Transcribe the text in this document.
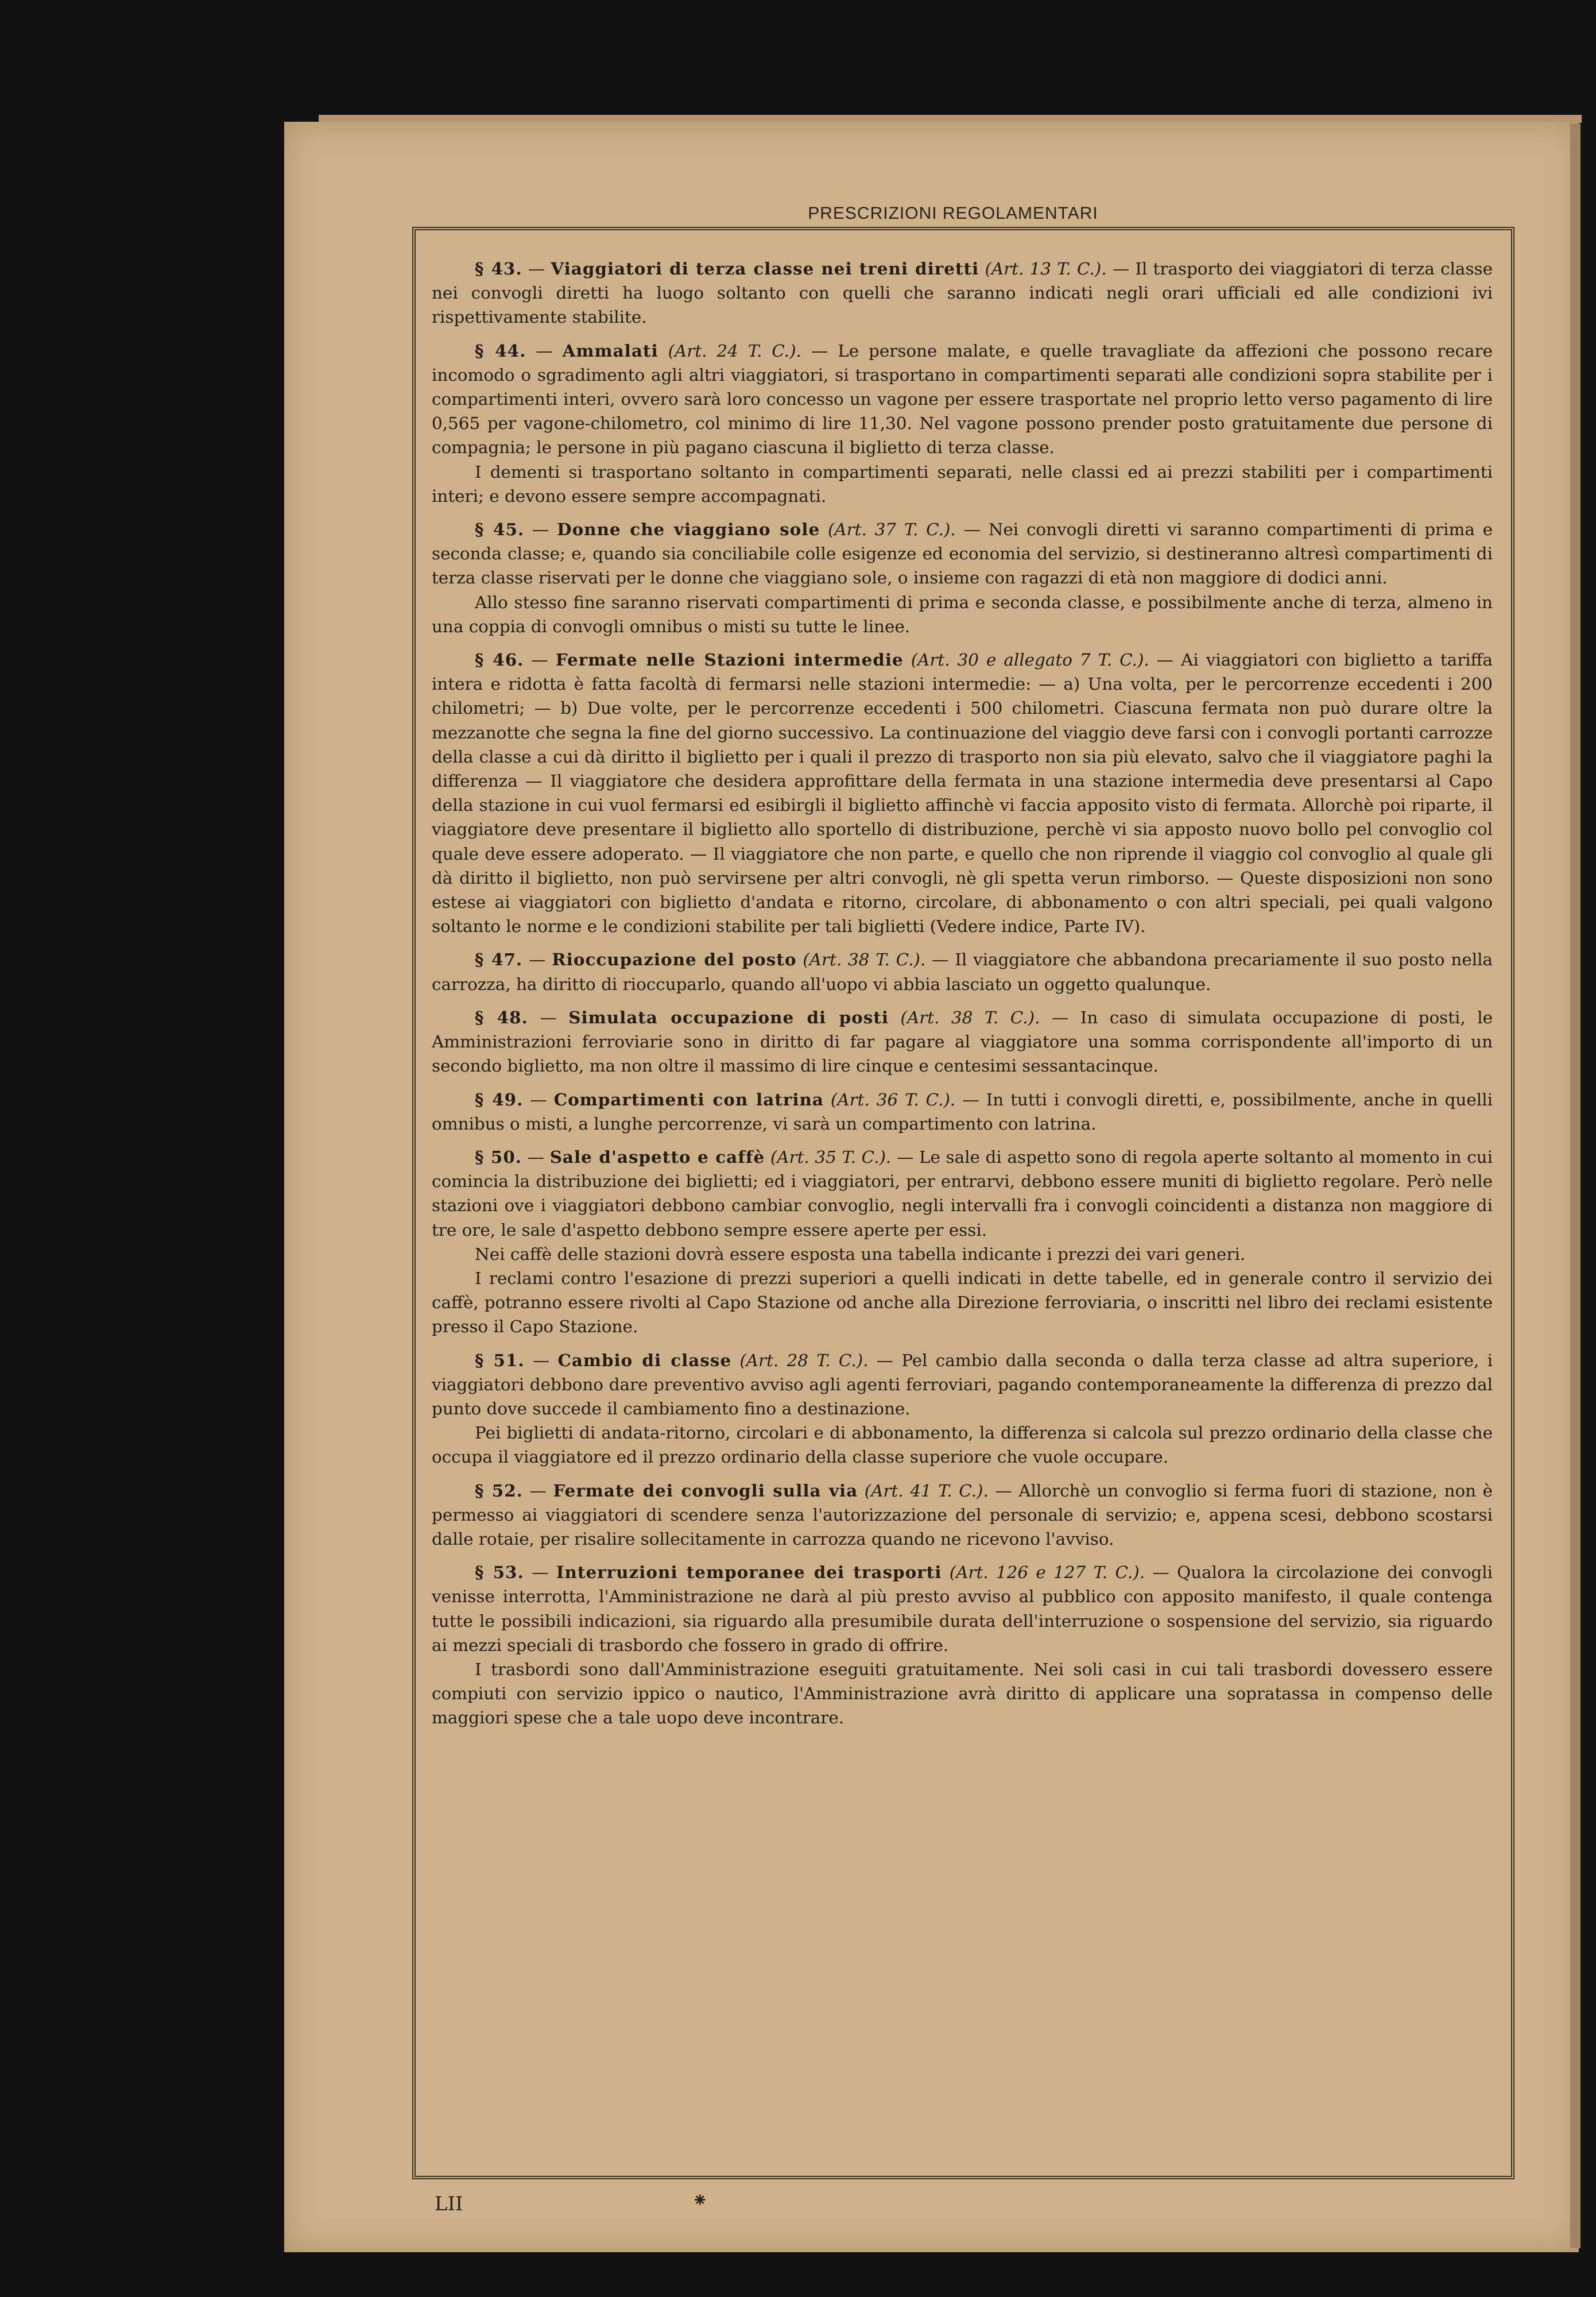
PRESCRIZIONI REGOLAMENTARI

§ 43. — Viaggiatori di terza classe nei treni diretti (Art. 13 T. C.). — Il trasporto dei viaggiatori di terza classe nei convogli diretti ha luogo soltanto con quelli che saranno indicati negli orari ufficiali ed alle condizioni ivi rispettivamente stabilite.

§ 44. — Ammalati (Art. 24 T. C.). — Le persone malate, e quelle travagliate da affezioni che possono recare incomodo o sgradimento agli altri viaggiatori, si trasportano in compartimenti separati alle condizioni sopra stabilite per i compartimenti interi, ovvero sarà loro concesso un vagone per essere trasportate nel proprio letto verso pagamento di lire 0,565 per vagone-chilometro, col minimo di lire 11,30. Nel vagone possono prender posto gratuitamente due persone di compagnia; le persone in più pagano ciascuna il biglietto di terza classe.

I dementi si trasportano soltanto in compartimenti separati, nelle classi ed ai prezzi stabiliti per i compartimenti interi; e devono essere sempre accompagnati.

§ 45. — Donne che viaggiano sole (Art. 37 T. C.). — Nei convogli diretti vi saranno compartimenti di prima e seconda classe; e, quando sia conciliabile colle esigenze ed economia del servizio, si destineranno altresì compartimenti di terza classe riservati per le donne che viaggiano sole, o insieme con ragazzi di età non maggiore di dodici anni.

Allo stesso fine saranno riservati compartimenti di prima e seconda classe, e possibilmente anche di terza, almeno in una coppia di convogli omnibus o misti su tutte le linee.

§ 46. — Fermate nelle Stazioni intermedie (Art. 30 e allegato 7 T. C.). — Ai viaggiatori con biglietto a tariffa intera e ridotta è fatta facoltà di fermarsi nelle stazioni intermedie: — a) Una volta, per le percorrenze eccedenti i 200 chilometri; — b) Due volte, per le percorrenze eccedenti i 500 chilometri. Ciascuna fermata non può durare oltre la mezzanotte che segna la fine del giorno successivo. La continuazione del viaggio deve farsi con i convogli portanti carrozze della classe a cui dà diritto il biglietto per i quali il prezzo di trasporto non sia più elevato, salvo che il viaggiatore paghi la differenza — Il viaggiatore che desidera approfittare della fermata in una stazione intermedia deve presentarsi al Capo della stazione in cui vuol fermarsi ed esibirgli il biglietto affinchè vi faccia apposito visto di fermata. Allorchè poi riparte, il viaggiatore deve presentare il biglietto allo sportello di distribuzione, perchè vi sia apposto nuovo bollo pel convoglio col quale deve essere adoperato. — Il viaggiatore che non parte, e quello che non riprende il viaggio col convoglio al quale gli dà diritto il biglietto, non può servirsene per altri convogli, nè gli spetta verun rimborso. — Queste disposizioni non sono estese ai viaggiatori con biglietto d'andata e ritorno, circolare, di abbonamento o con altri speciali, pei quali valgono soltanto le norme e le condizioni stabilite per tali biglietti (Vedere indice, Parte IV).

§ 47. — Rioccupazione del posto (Art. 38 T. C.). — Il viaggiatore che abbandona precariamente il suo posto nella carrozza, ha diritto di rioccuparlo, quando all'uopo vi abbia lasciato un oggetto qualunque.

§ 48. — Simulata occupazione di posti (Art. 38 T. C.). — In caso di simulata occupazione di posti, le Amministrazioni ferroviarie sono in diritto di far pagare al viaggiatore una somma corrispondente all'importo di un secondo biglietto, ma non oltre il massimo di lire cinque e centesimi sessantacinque.

§ 49. — Compartimenti con latrina (Art. 36 T. C.). — In tutti i convogli diretti, e, possibilmente, anche in quelli omnibus o misti, a lunghe percorrenze, vi sarà un compartimento con latrina.

§ 50. — Sale d'aspetto e caffè (Art. 35 T. C.). — Le sale di aspetto sono di regola aperte soltanto al momento in cui comincia la distribuzione dei biglietti; ed i viaggiatori, per entrarvi, debbono essere muniti di biglietto regolare. Però nelle stazioni ove i viaggiatori debbono cambiar convoglio, negli intervalli fra i convogli coincidenti a distanza non maggiore di tre ore, le sale d'aspetto debbono sempre essere aperte per essi.

Nei caffè delle stazioni dovrà essere esposta una tabella indicante i prezzi dei vari generi.

I reclami contro l'esazione di prezzi superiori a quelli indicati in dette tabelle, ed in generale contro il servizio dei caffè, potranno essere rivolti al Capo Stazione od anche alla Direzione ferroviaria, o inscritti nel libro dei reclami esistente presso il Capo Stazione.

§ 51. — Cambio di classe (Art. 28 T. C.). — Pel cambio dalla seconda o dalla terza classe ad altra superiore, i viaggiatori debbono dare preventivo avviso agli agenti ferroviari, pagando contemporaneamente la differenza di prezzo dal punto dove succede il cambiamento fino a destinazione.

Pei biglietti di andata-ritorno, circolari e di abbonamento, la differenza si calcola sul prezzo ordinario della classe che occupa il viaggiatore ed il prezzo ordinario della classe superiore che vuole occupare.

§ 52. — Fermate dei convogli sulla via (Art. 41 T. C.). — Allorchè un convoglio si ferma fuori di stazione, non è permesso ai viaggiatori di scendere senza l'autorizzazione del personale di servizio; e, appena scesi, debbono scostarsi dalle rotaie, per risalire sollecitamente in carrozza quando ne ricevono l'avviso.

§ 53. — Interruzioni temporanee dei trasporti (Art. 126 e 127 T. C.). — Qualora la circolazione dei convogli venisse interrotta, l'Amministrazione ne darà al più presto avviso al pubblico con apposito manifesto, il quale contenga tutte le possibili indicazioni, sia riguardo alla presumibile durata dell'interruzione o sospensione del servizio, sia riguardo ai mezzi speciali di trasbordo che fossero in grado di offrire.

I trasbordi sono dall'Amministrazione eseguiti gratuitamente. Nei soli casi in cui tali trasbordi dovessero essere compiuti con servizio ippico o nautico, l'Amministrazione avrà diritto di applicare una sopratassa in compenso delle maggiori spese che a tale uopo deve incontrare.

LII	⁕
